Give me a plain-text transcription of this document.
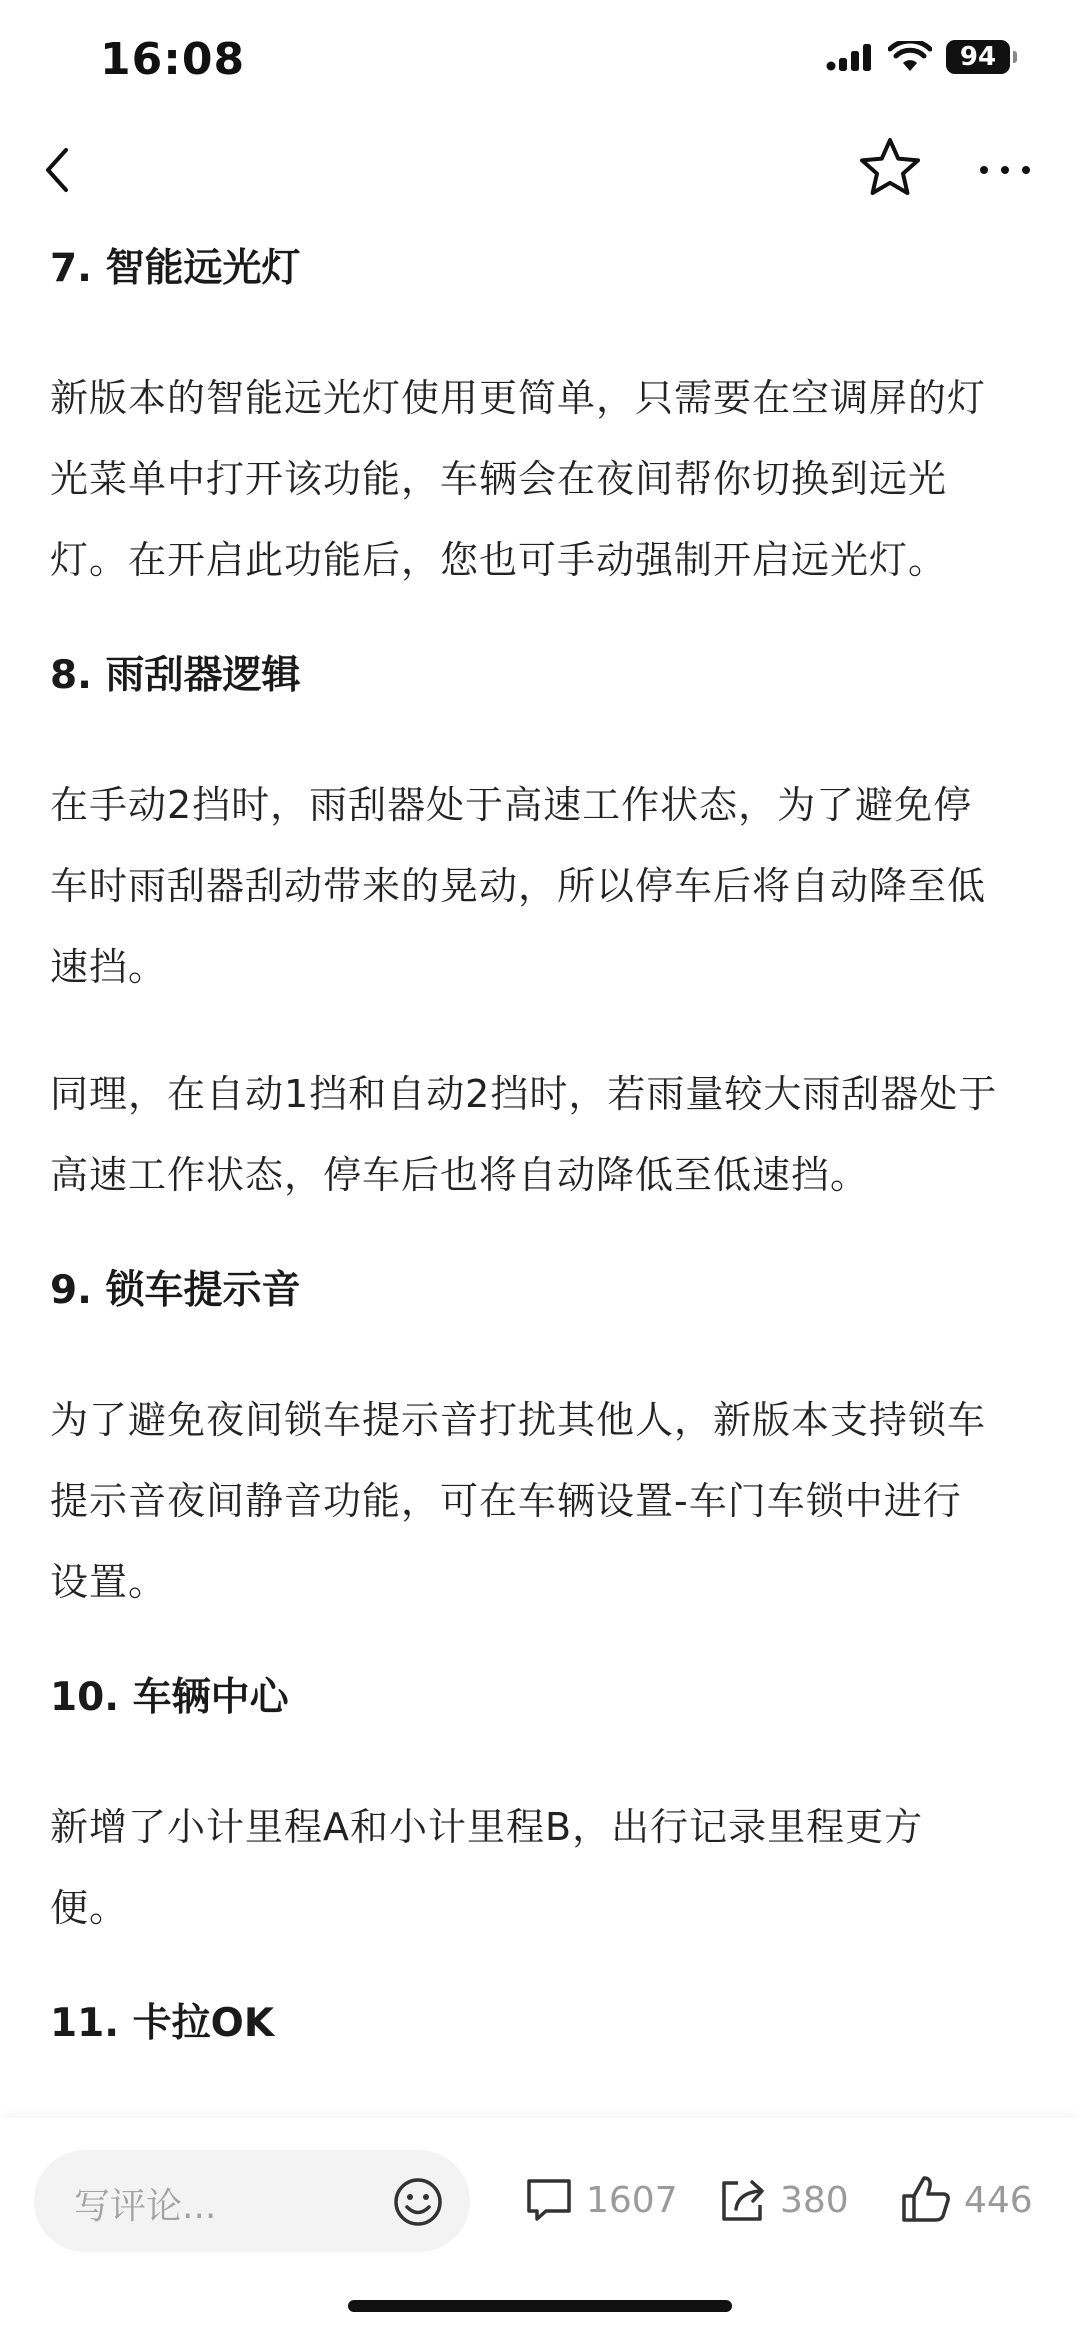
16:08	94
7. 智能远光灯

新版本的智能远光灯使用更简单，只需要在空调屏的灯

光菜单中打开该功能，车辆会在夜间帮你切换到远光

灯。在开启此功能后，您也可手动强制开启远光灯。

8. 雨刮器逻辑

在手动2挡时，雨刮器处于高速工作状态，为了避免停

车时雨刮器刮动带来的晃动，所以停车后将自动降至低

速挡。

同理，在自动1挡和自动2挡时，若雨量较大雨刮器处于

高速工作状态，停车后也将自动降低至低速挡。

9. 锁车提示音

为了避免夜间锁车提示音打扰其他人，新版本支持锁车

提示音夜间静音功能，可在车辆设置-车门车锁中进行

设置。

10. 车辆中心

新增了小计里程A和小计里程B，出行记录里程更方

便。

11. 卡拉OK
写评论...	1607	380	446
